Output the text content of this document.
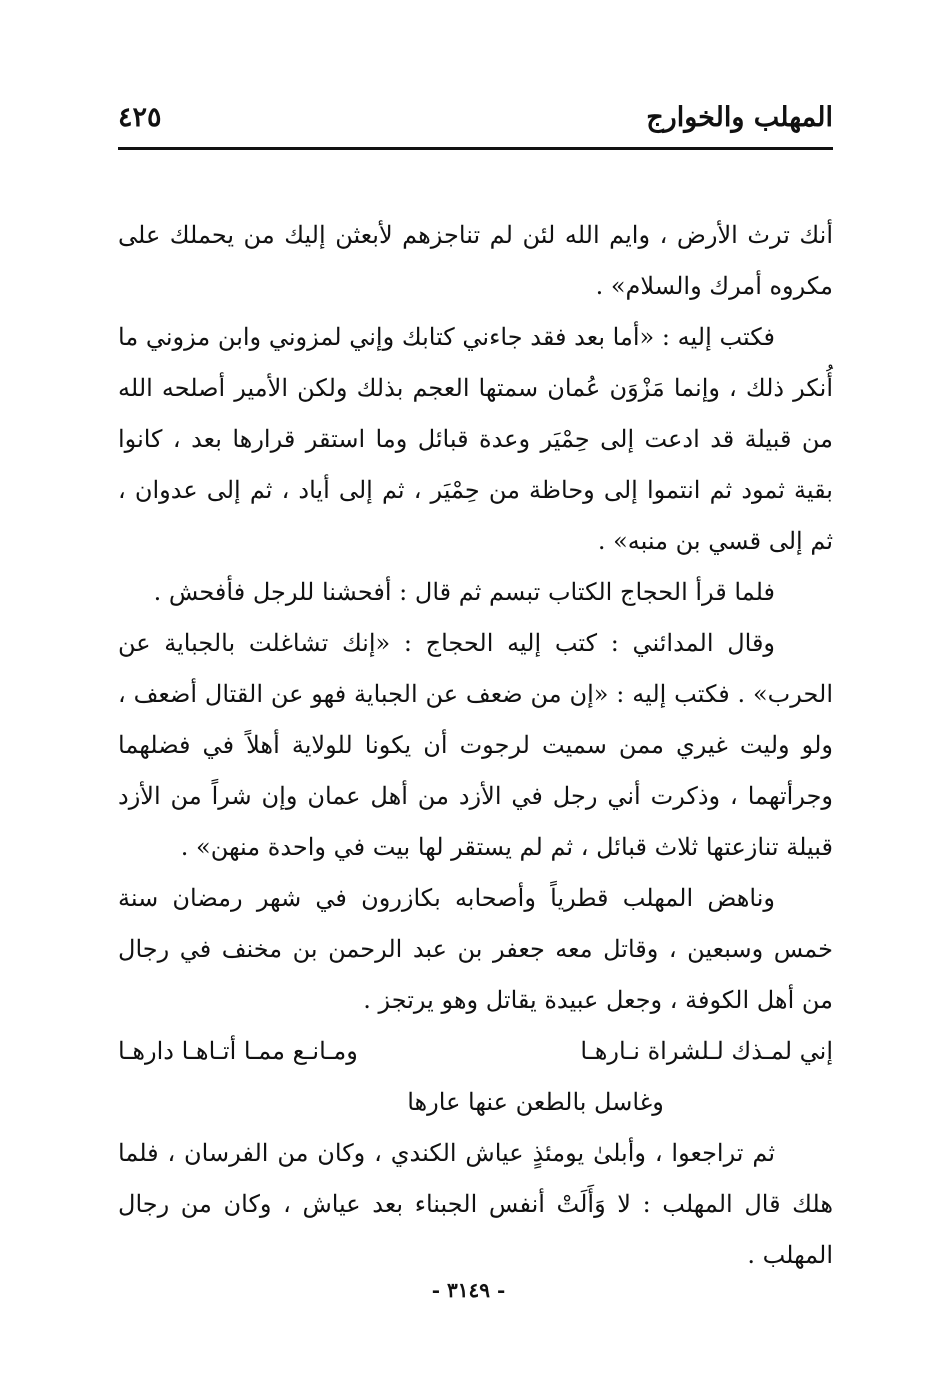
المهلب والخوارج
٤٢٥

أنك ترث الأرض ، وايم الله لئن لم تناجزهم لأبعثن إليك من يحملك على مكروه أمرك والسلام» .

فكتب إليه : «أما بعد فقد جاءني كتابك وإني لمزوني وابن مزوني ما أُنكر ذلك ، وإنما مَزْوَن عُمان سمتها العجم بذلك ولكن الأمير أصلحه الله من قبيلة قد ادعت إلى حِمْيَر وعدة قبائل وما استقر قرارها بعد ، كانوا بقية ثمود ثم انتموا إلى وحاظة من حِمْيَر ، ثم إلى أياد ، ثم إلى عدوان ، ثم إلى قسي بن منبه» .

فلما قرأ الحجاج الكتاب تبسم ثم قال : أفحشنا للرجل فأفحش .

وقال المدائني : كتب إليه الحجاج : «إنك تشاغلت بالجباية عن الحرب» . فكتب إليه : «إن من ضعف عن الجباية فهو عن القتال أضعف ، ولو وليت غيري ممن سميت لرجوت أن يكونا للولاية أهلاً في فضلهما وجرأتهما ، وذكرت أني رجل في الأزد من أهل عمان وإن شراً من الأزد قبيلة تنازعتها ثلاث قبائل ، ثم لم يستقر لها بيت في واحدة منهن» .

وناهض المهلب قطرياً وأصحابه بكازرون في شهر رمضان سنة خمس وسبعين ، وقاتل معه جعفر بن عبد الرحمن بن مخنف في رجال من أهل الكوفة ، وجعل عبيدة يقاتل وهو يرتجز .

إني لمـذك لـلشراة نـارهـا
ومـانـع ممـا أتـاهـا دارهـا

وغاسل بالطعن عنها عارها

ثم تراجعوا ، وأبلىٰ يومئذٍ عياش الكندي ، وكان من الفرسان ، فلما هلك قال المهلب : لا وَأَلَتْ أنفس الجبناء بعد عياش ، وكان من رجال المهلب .

- ٣١٤٩ -
